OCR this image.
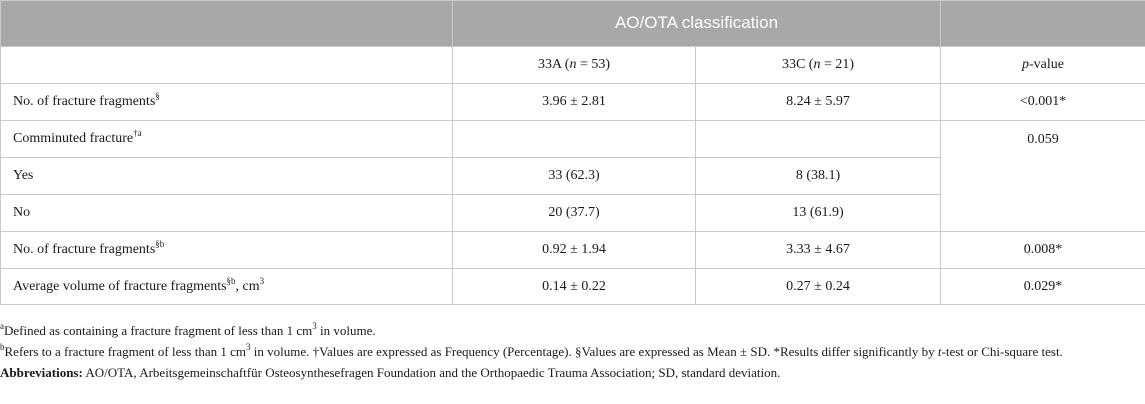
	AO/OTA classification		
	33A (n = 53)	33C (n = 21)	p-value
No. of fracture fragments§	3.96 ± 2.81	8.24 ± 5.97	<0.001*
Comminuted fracture$^{\dagger a}$			0.059
Yes	33 (62.3)	8 (38.1)	
No	20 (37.7)	13 (61.9)	
No. of fracture fragments$^{\S b}$	0.92 ± 1.94	3.33 ± 4.67	0.008*
Average volume of fracture fragments$^{\S b}$, $cm^3$	0.14 ± 0.22	0.27 ± 0.24	0.029*

$^a$Defined as containing a fracture fragment of less than 1 $cm^3$ in volume.

$^b$Refers to a fracture fragment of less than 1 $cm^3$ in volume. †Values are expressed as Frequency (Percentage). §Values are expressed as Mean ± SD. *Results differ significantly by t-test or Chi-square test.

Abbreviations: AO/OTA, Arbeitsgemeinschaftfür Osteosynthesefragen Foundation and the Orthopaedic Trauma Association; SD, standard deviation.
